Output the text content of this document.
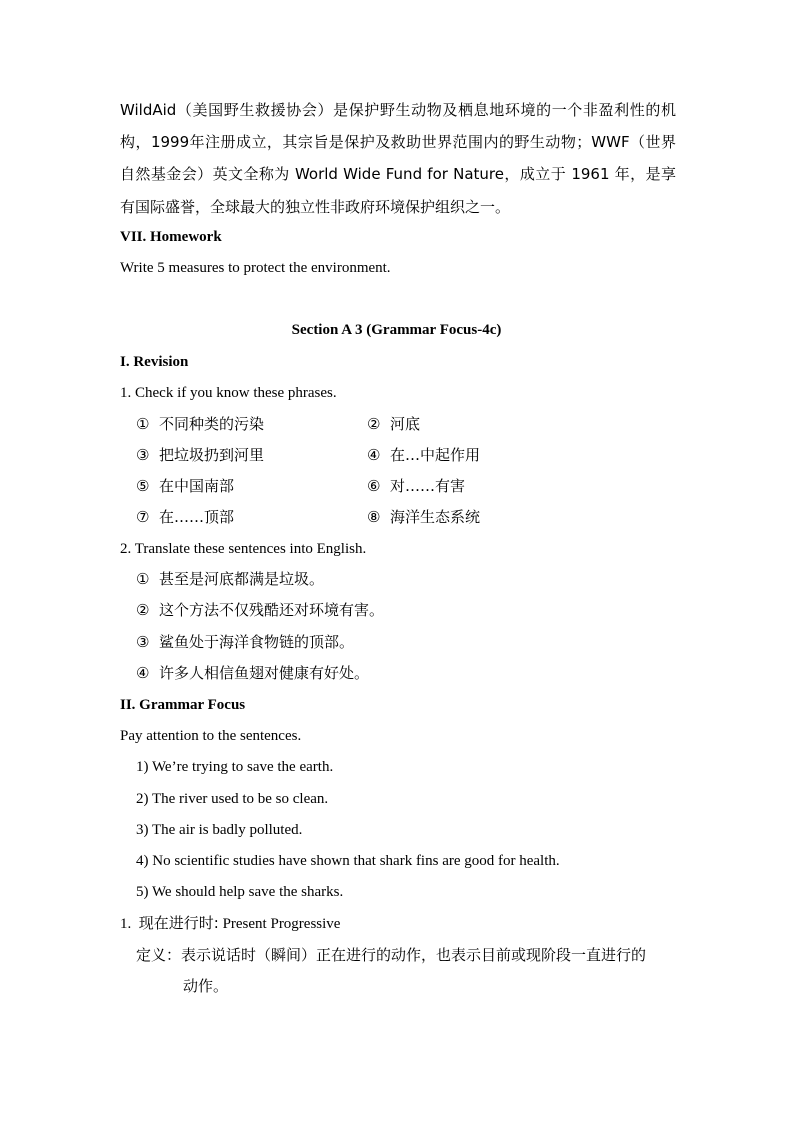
WildAid（美国野生救援协会）是保护野生动物及栖息地环境的一个非盈利性的机构，1999年注册成立，其宗旨是保护及救助世界范围内的野生动物；WWF（世界自然基金会）英文全称为 World Wide Fund for Nature，成立于 1961 年，是享有国际盛誉，全球最大的独立性非政府环境保护组织之一。
VII. Homework
Write 5 measures to protect the environment.
Section A 3 (Grammar Focus-4c)
I. Revision
1. Check if you know these phrases.
① 不同种类的污染	② 河底
③ 把垃圾扔到河里	④ 在…中起作用
⑤ 在中国南部	⑥ 对……有害
⑦ 在……顶部	⑧ 海洋生态系统
2. Translate these sentences into English.
① 甚至是河底都满是垃圾。
② 这个方法不仅残酷还对环境有害。
③ 鲨鱼处于海洋食物链的顶部。
④ 许多人相信鱼翅对健康有好处。
II. Grammar Focus
Pay attention to the sentences.
1) We’re trying to save the earth.
2) The river used to be so clean.
3) The air is badly polluted.
4) No scientific studies have shown that shark fins are good for health.
5) We should help save the sharks.
1. 现在进行时: Present Progressive
定义：表示说话时（瞬间）正在进行的动作，也表示目前或现阶段一直进行的
动作。
